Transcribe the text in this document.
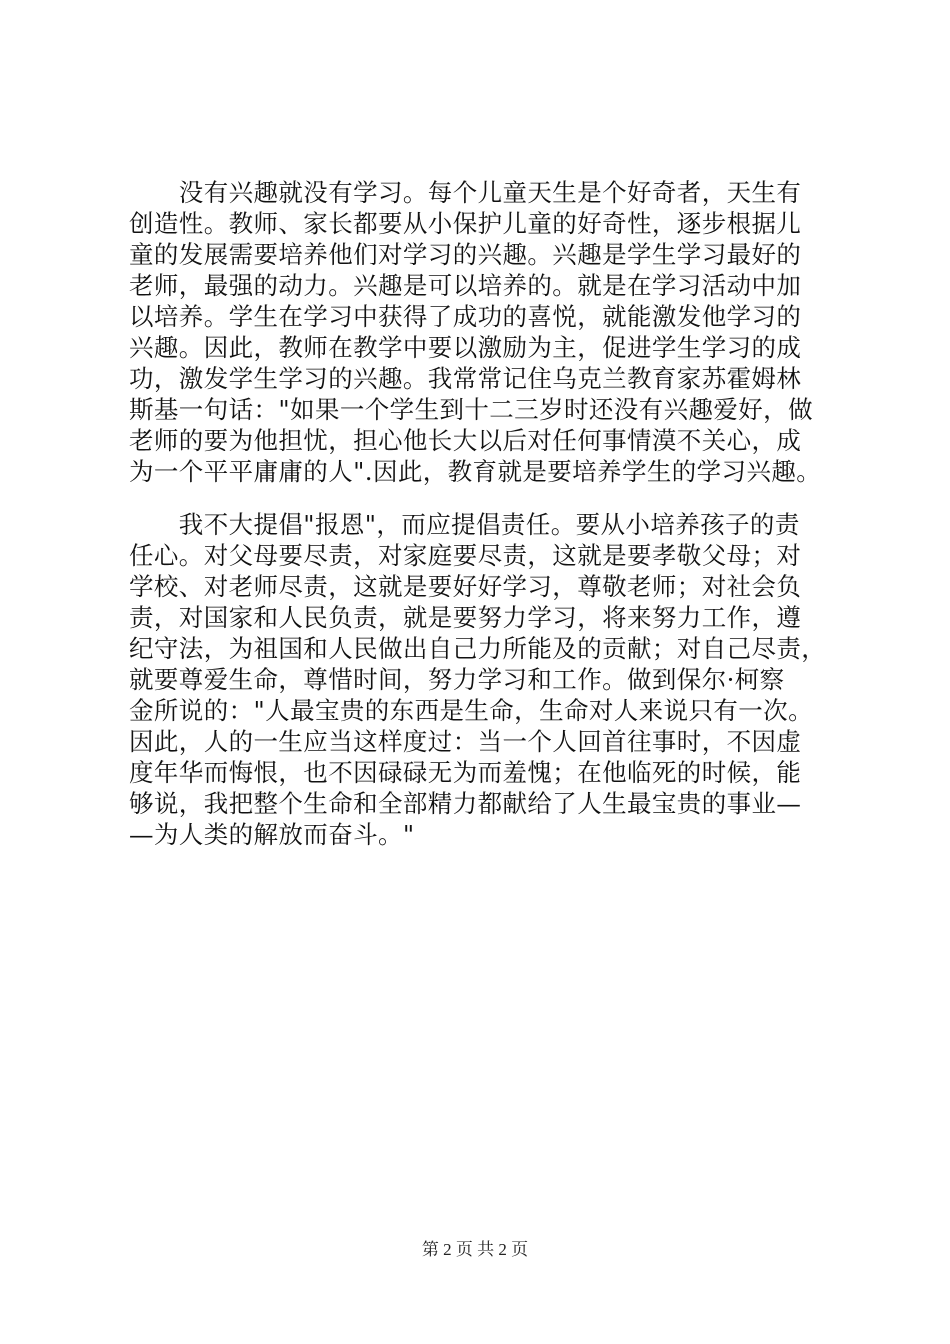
　　没有兴趣就没有学习。每个儿童天生是个好奇者，天生有
创造性。教师、家长都要从小保护儿童的好奇性，逐步根据儿
童的发展需要培养他们对学习的兴趣。兴趣是学生学习最好的
老师，最强的动力。兴趣是可以培养的。就是在学习活动中加
以培养。学生在学习中获得了成功的喜悦，就能激发他学习的
兴趣。因此，教师在教学中要以激励为主，促进学生学习的成
功，激发学生学习的兴趣。我常常记住乌克兰教育家苏霍姆林
斯基一句话："如果一个学生到十二三岁时还没有兴趣爱好，做
老师的要为他担忧，担心他长大以后对任何事情漠不关心，成
为一个平平庸庸的人".因此，教育就是要培养学生的学习兴趣。
　　我不大提倡"报恩"，而应提倡责任。要从小培养孩子的责
任心。对父母要尽责，对家庭要尽责，这就是要孝敬父母；对
学校、对老师尽责，这就是要好好学习，尊敬老师；对社会负
责，对国家和人民负责，就是要努力学习，将来努力工作，遵
纪守法，为祖国和人民做出自己力所能及的贡献；对自己尽责，
就要尊爱生命，尊惜时间，努力学习和工作。做到保尔·柯察
金所说的："人最宝贵的东西是生命，生命对人来说只有一次。
因此，人的一生应当这样度过：当一个人回首往事时，不因虚
度年华而悔恨，也不因碌碌无为而羞愧；在他临死的时候，能
够说，我把整个生命和全部精力都献给了人生最宝贵的事业—
—为人类的解放而奋斗。"
第 2 页 共 2 页
